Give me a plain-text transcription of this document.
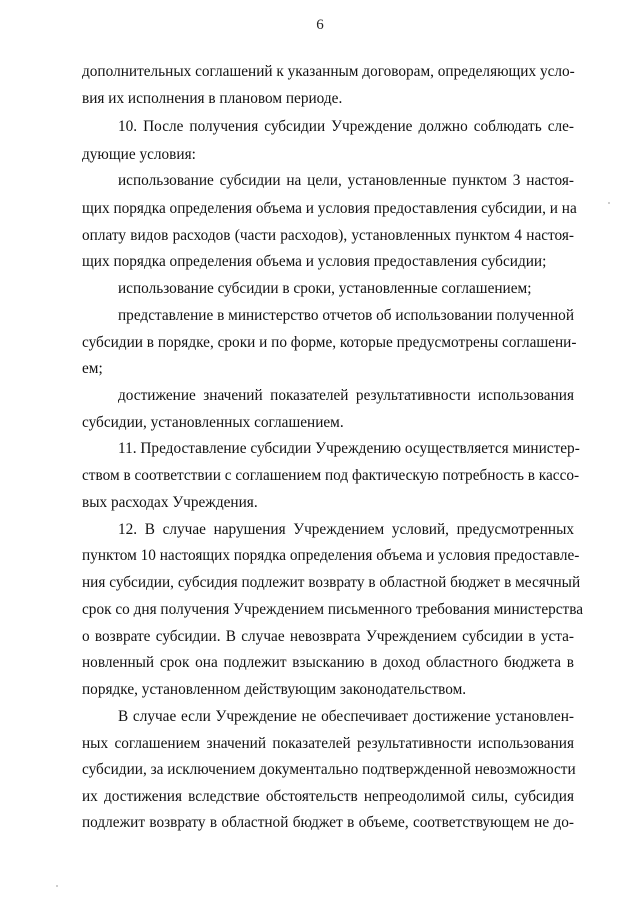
6
дополнительных соглашений к указанным договорам, определяющих усло-
вия их исполнения в плановом периоде.
10. После получения субсидии Учреждение должно соблюдать сле-
дующие условия:
использование субсидии на цели, установленные пунктом 3 настоя-
щих порядка определения объема и условия предоставления субсидии, и на
оплату видов расходов (части расходов), установленных пунктом 4 настоя-
щих порядка определения объема и условия предоставления субсидии;
использование субсидии в сроки, установленные соглашением;
представление в министерство отчетов об использовании полученной
субсидии в порядке, сроки и по форме, которые предусмотрены соглашени-
ем;
достижение значений показателей результативности использования
субсидии, установленных соглашением.
11. Предоставление субсидии Учреждению осуществляется министер-
ством в соответствии с соглашением под фактическую потребность в кассо-
вых расходах Учреждения.
12. В случае нарушения Учреждением условий, предусмотренных
пунктом 10 настоящих порядка определения объема и условия предоставле-
ния субсидии, субсидия подлежит возврату в областной бюджет в месячный
срок со дня получения Учреждением письменного требования министерства
о возврате субсидии. В случае невозврата Учреждением субсидии в уста-
новленный срок она подлежит взысканию в доход областного бюджета в
порядке, установленном действующим законодательством.
В случае если Учреждение не обеспечивает достижение установлен-
ных соглашением значений показателей результативности использования
субсидии, за исключением документально подтвержденной невозможности
их достижения вследствие обстоятельств непреодолимой силы, субсидия
подлежит возврату в областной бюджет в объеме, соответствующем не до-
